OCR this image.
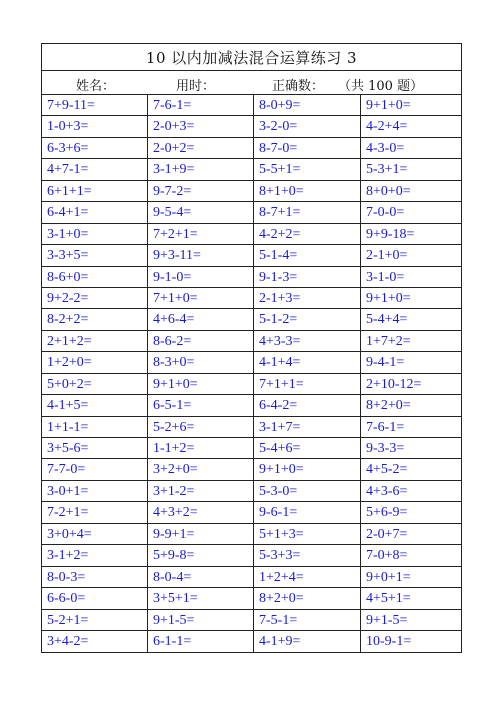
10 以内加减法混合运算练习 3
姓名：	用时：	正确数： （共 100 题）
7+9-11=	7-6-1=	8-0+9=	9+1+0=
1-0+3=	2-0+3=	3-2-0=	4-2+4=
6-3+6=	2-0+2=	8-7-0=	4-3-0=
4+7-1=	3-1+9=	5-5+1=	5-3+1=
6+1+1=	9-7-2=	8+1+0=	8+0+0=
6-4+1=	9-5-4=	8-7+1=	7-0-0=
3-1+0=	7+2+1=	4-2+2=	9+9-18=
3-3+5=	9+3-11=	5-1-4=	2-1+0=
8-6+0=	9-1-0=	9-1-3=	3-1-0=
9+2-2=	7+1+0=	2-1+3=	9+1+0=
8-2+2=	4+6-4=	5-1-2=	5-4+4=
2+1+2=	8-6-2=	4+3-3=	1+7+2=
1+2+0=	8-3+0=	4-1+4=	9-4-1=
5+0+2=	9+1+0=	7+1+1=	2+10-12=
4-1+5=	6-5-1=	6-4-2=	8+2+0=
1+1-1=	5-2+6=	3-1+7=	7-6-1=
3+5-6=	1-1+2=	5-4+6=	9-3-3=
7-7-0=	3+2+0=	9+1+0=	4+5-2=
3-0+1=	3+1-2=	5-3-0=	4+3-6=
7-2+1=	4+3+2=	9-6-1=	5+6-9=
3+0+4=	9-9+1=	5+1+3=	2-0+7=
3-1+2=	5+9-8=	5-3+3=	7-0+8=
8-0-3=	8-0-4=	1+2+4=	9+0+1=
6-6-0=	3+5+1=	8+2+0=	4+5+1=
5-2+1=	9+1-5=	7-5-1=	9+1-5=
3+4-2=	6-1-1=	4-1+9=	10-9-1=
